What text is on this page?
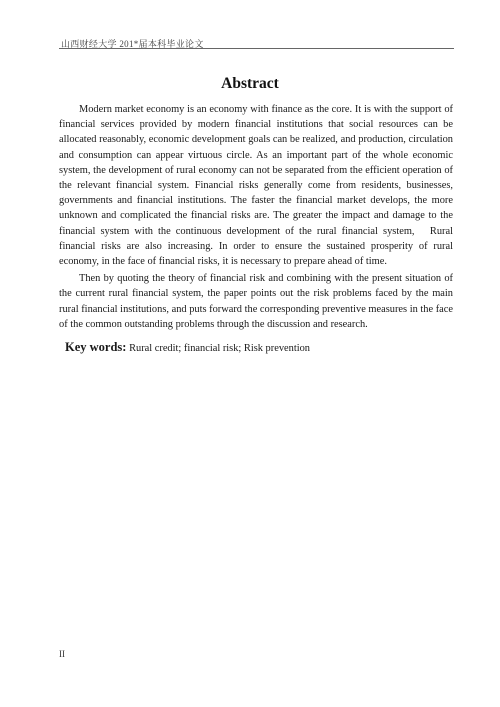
山西财经大学 201*届本科毕业论文
Abstract

Modern market economy is an economy with finance as the core. It is with the support of financial services provided by modern financial institutions that social resources can be allocated reasonably, economic development goals can be realized, and production, circulation and consumption can appear virtuous circle. As an important part of the whole economic system, the development of rural economy can not be separated from the efficient operation of the relevant financial system. Financial risks generally come from residents, businesses, governments and financial institutions. The faster the financial market develops, the more unknown and complicated the financial risks are. The greater the impact and damage to the financial system with the continuous development of the rural financial system,　Rural financial risks are also increasing. In order to ensure the sustained prosperity of rural economy, in the face of financial risks, it is necessary to prepare ahead of time.

Then by quoting the theory of financial risk and combining with the present situation of the current rural financial system, the paper points out the risk problems faced by the main rural financial institutions, and puts forward the corresponding preventive measures in the face of the common outstanding problems through the discussion and research.

Key words: Rural credit; financial risk; Risk prevention
II
